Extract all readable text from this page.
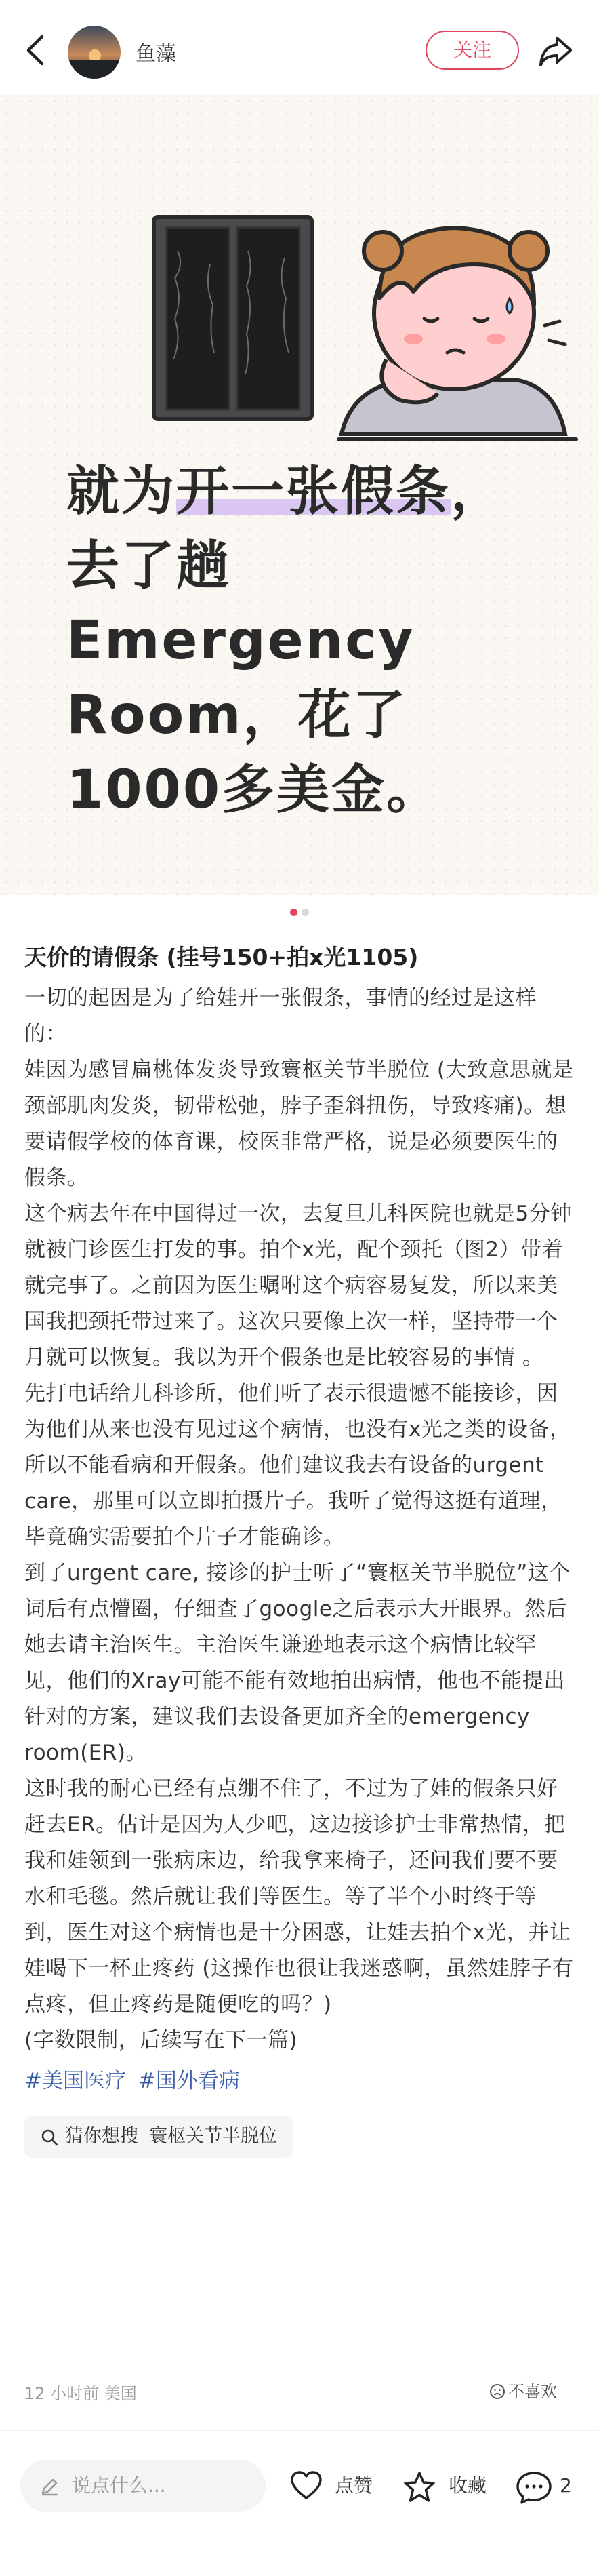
鱼藻	关注
就为开一张假条，
去了趟
Emergency
Room，花了
1000多美金。
天价的请假条 (挂号150+拍x光1105)

一切的起因是为了给娃开一张假条，事情的经过是这样的：

娃因为感冒扁桃体发炎导致寰枢关节半脱位 (大致意思就是颈部肌肉发炎，韧带松弛，脖子歪斜扭伤，导致疼痛)。想要请假学校的体育课，校医非常严格，说是必须要医生的假条。

这个病去年在中国得过一次，去复旦儿科医院也就是5分钟就被门诊医生打发的事。拍个x光，配个颈托（图2）带着就完事了。之前因为医生嘱咐这个病容易复发，所以来美国我把颈托带过来了。这次只要像上次一样，坚持带一个月就可以恢复。我以为开个假条也是比较容易的事情 。

先打电话给儿科诊所，他们听了表示很遗憾不能接诊，因为他们从来也没有见过这个病情，也没有x光之类的设备，所以不能看病和开假条。他们建议我去有设备的urgent care，那里可以立即拍摄片子。我听了觉得这挺有道理，毕竟确实需要拍个片子才能确诊。

到了urgent care, 接诊的护士听了“寰枢关节半脱位”这个词后有点懵圈，仔细查了google之后表示大开眼界。然后她去请主治医生。主治医生谦逊地表示这个病情比较罕见，他们的Xray可能不能有效地拍出病情，他也不能提出针对的方案，建议我们去设备更加齐全的emergency room(ER)。

这时我的耐心已经有点绷不住了，不过为了娃的假条只好赶去ER。估计是因为人少吧，这边接诊护士非常热情，把我和娃领到一张病床边，给我拿来椅子，还问我们要不要水和毛毯。然后就让我们等医生。等了半个小时终于等到，医生对这个病情也是十分困惑，让娃去拍个x光，并让娃喝下一杯止疼药 (这操作也很让我迷惑啊，虽然娃脖子有点疼，但止疼药是随便吃的吗？)

(字数限制，后续写在下一篇)

#美国医疗 #国外看病
猜你想搜 寰枢关节半脱位
12 小时前 美国	不喜欢
说点什么...	点赞	收藏	2
